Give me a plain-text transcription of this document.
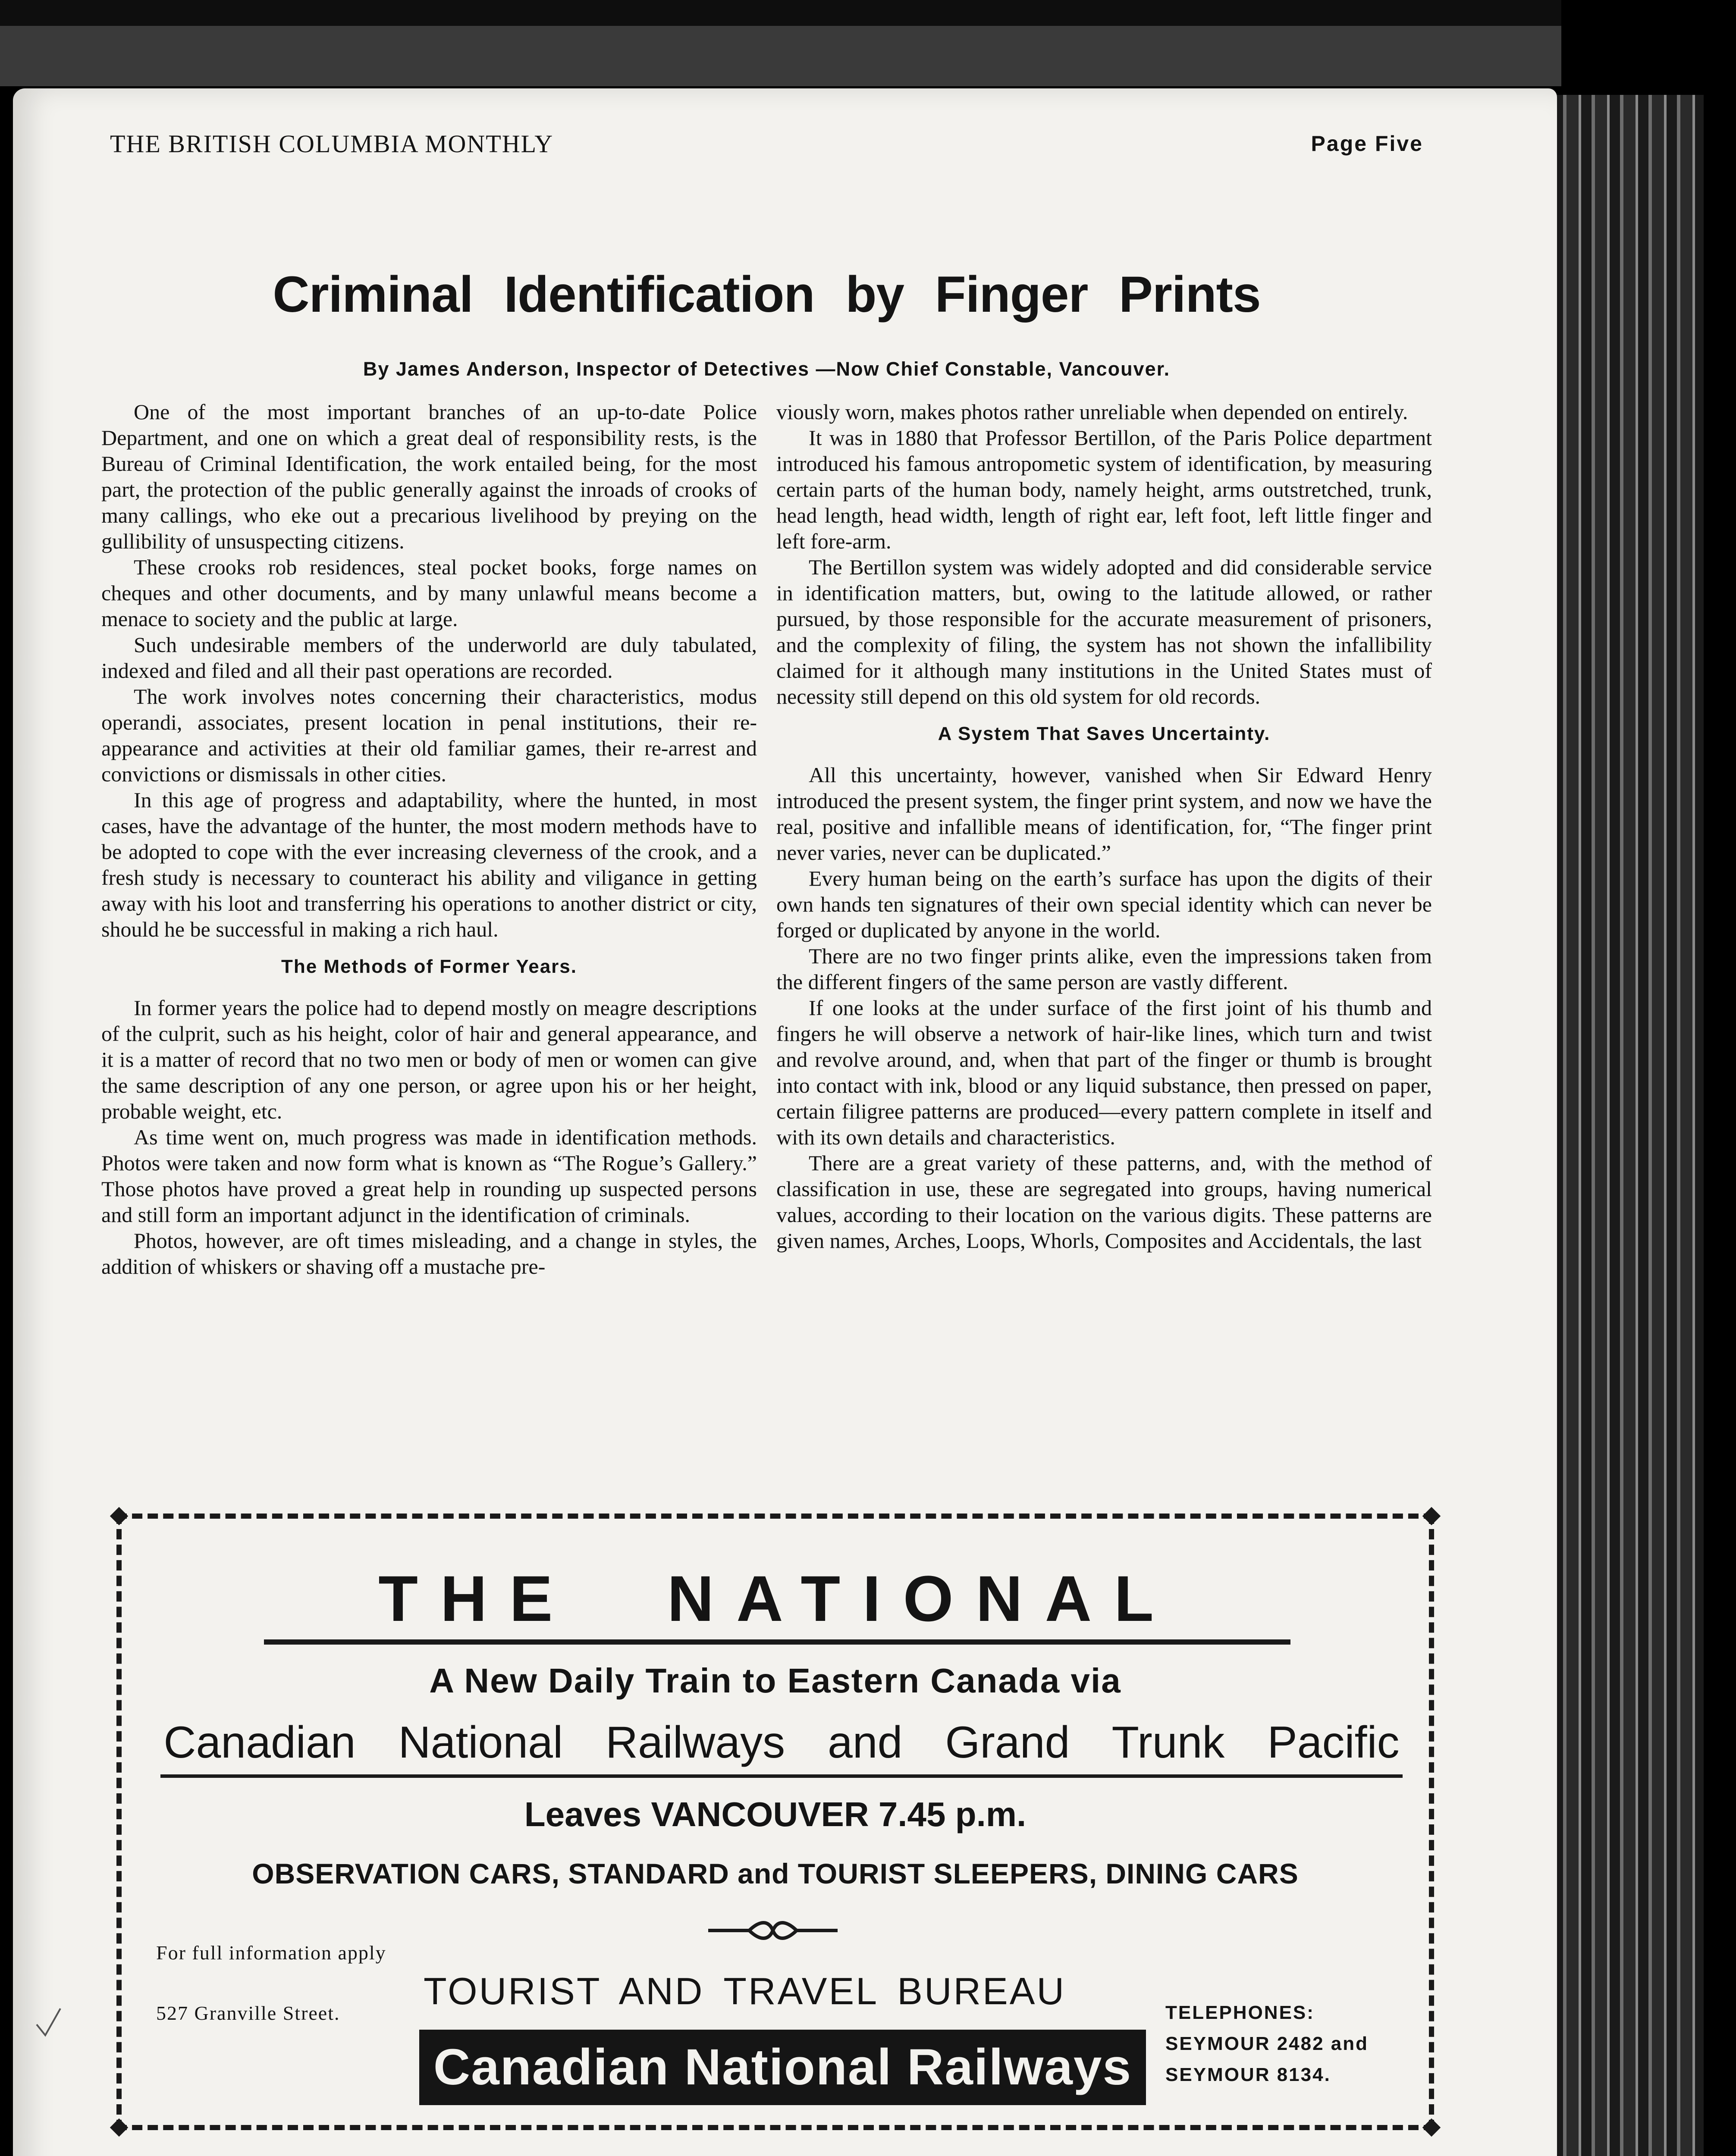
THE BRITISH COLUMBIA MONTHLY	Page Five
Criminal Identification by Finger Prints

By James Anderson, Inspector of Detectives —Now Chief Constable, Vancouver.

One of the most important branches of an up-to-date Police Department, and one on which a great deal of responsibility rests, is the Bureau of Criminal Identification, the work entailed being, for the most part, the protection of the public generally against the inroads of crooks of many callings, who eke out a precarious livelihood by preying on the gullibility of unsuspecting citizens.

These crooks rob residences, steal pocket books, forge names on cheques and other documents, and by many unlawful means become a menace to society and the public at large.

Such undesirable members of the underworld are duly tabulated, indexed and filed and all their past operations are recorded.

The work involves notes concerning their characteristics, modus operandi, associates, present location in penal institutions, their re-appearance and activities at their old familiar games, their re-arrest and convictions or dismissals in other cities.

In this age of progress and adaptability, where the hunted, in most cases, have the advantage of the hunter, the most modern methods have to be adopted to cope with the ever increasing cleverness of the crook, and a fresh study is necessary to counteract his ability and viligance in getting away with his loot and transferring his operations to another district or city, should he be successful in making a rich haul.

The Methods of Former Years.

In former years the police had to depend mostly on meagre descriptions of the culprit, such as his height, color of hair and general appearance, and it is a matter of record that no two men or body of men or women can give the same description of any one person, or agree upon his or her height, probable weight, etc.

As time went on, much progress was made in identification methods. Photos were taken and now form what is known as “The Rogue’s Gallery.” Those photos have proved a great help in rounding up suspected persons and still form an important adjunct in the identification of criminals.

Photos, however, are oft times misleading, and a change in styles, the addition of whiskers or shaving off a mustache pre-

viously worn, makes photos rather unreliable when depended on entirely.

It was in 1880 that Professor Bertillon, of the Paris Police department introduced his famous antropometic system of identification, by measuring certain parts of the human body, namely height, arms outstretched, trunk, head length, head width, length of right ear, left foot, left little finger and left fore-arm.

The Bertillon system was widely adopted and did considerable service in identification matters, but, owing to the latitude allowed, or rather pursued, by those responsible for the accurate measurement of prisoners, and the complexity of filing, the system has not shown the infallibility claimed for it although many institutions in the United States must of necessity still depend on this old system for old records.

A System That Saves Uncertainty.

All this uncertainty, however, vanished when Sir Edward Henry introduced the present system, the finger print system, and now we have the real, positive and infallible means of identification, for, “The finger print never varies, never can be duplicated.”

Every human being on the earth’s surface has upon the digits of their own hands ten signatures of their own special identity which can never be forged or duplicated by anyone in the world.

There are no two finger prints alike, even the impressions taken from the different fingers of the same person are vastly different.

If one looks at the under surface of the first joint of his thumb and fingers he will observe a network of hair-like lines, which turn and twist and revolve around, and, when that part of the finger or thumb is brought into contact with ink, blood or any liquid substance, then pressed on paper, certain filigree patterns are produced—every pattern complete in itself and with its own details and characteristics.

There are a great variety of these patterns, and, with the method of classification in use, these are segregated into groups, having numerical values, according to their location on the various digits. These patterns are given names, Arches, Loops, Whorls, Composites and Accidentals, the last

THE NATIONAL
A New Daily Train to Eastern Canada via
Canadian National Railways and Grand Trunk Pacific
Leaves VANCOUVER 7.45 p.m.
OBSERVATION CARS, STANDARD and TOURIST SLEEPERS, DINING CARS
For full information apply
TOURIST AND TRAVEL BUREAU
527 Granville Street.
Canadian National Railways
TELEPHONES:
SEYMOUR 2482 and
SEYMOUR 8134.
